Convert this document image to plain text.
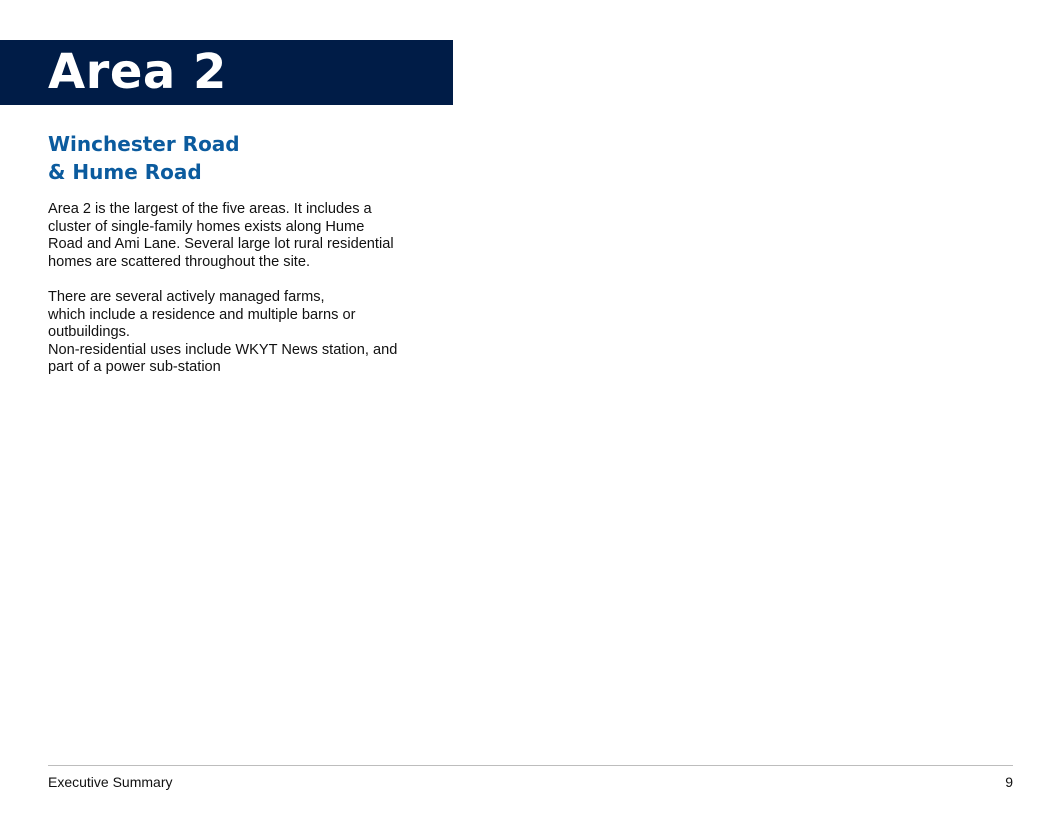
Area 2
Winchester Road
& Hume Road
Area 2 is the largest of the five areas. It includes a
cluster of single-family homes exists along Hume
Road and Ami Lane. Several large lot rural residential
homes are scattered throughout the site.
There are several actively managed farms,
which include a residence and multiple barns or
outbuildings.
Non-residential uses include WKYT News station, and
part of a power sub-station
Executive Summary	9
